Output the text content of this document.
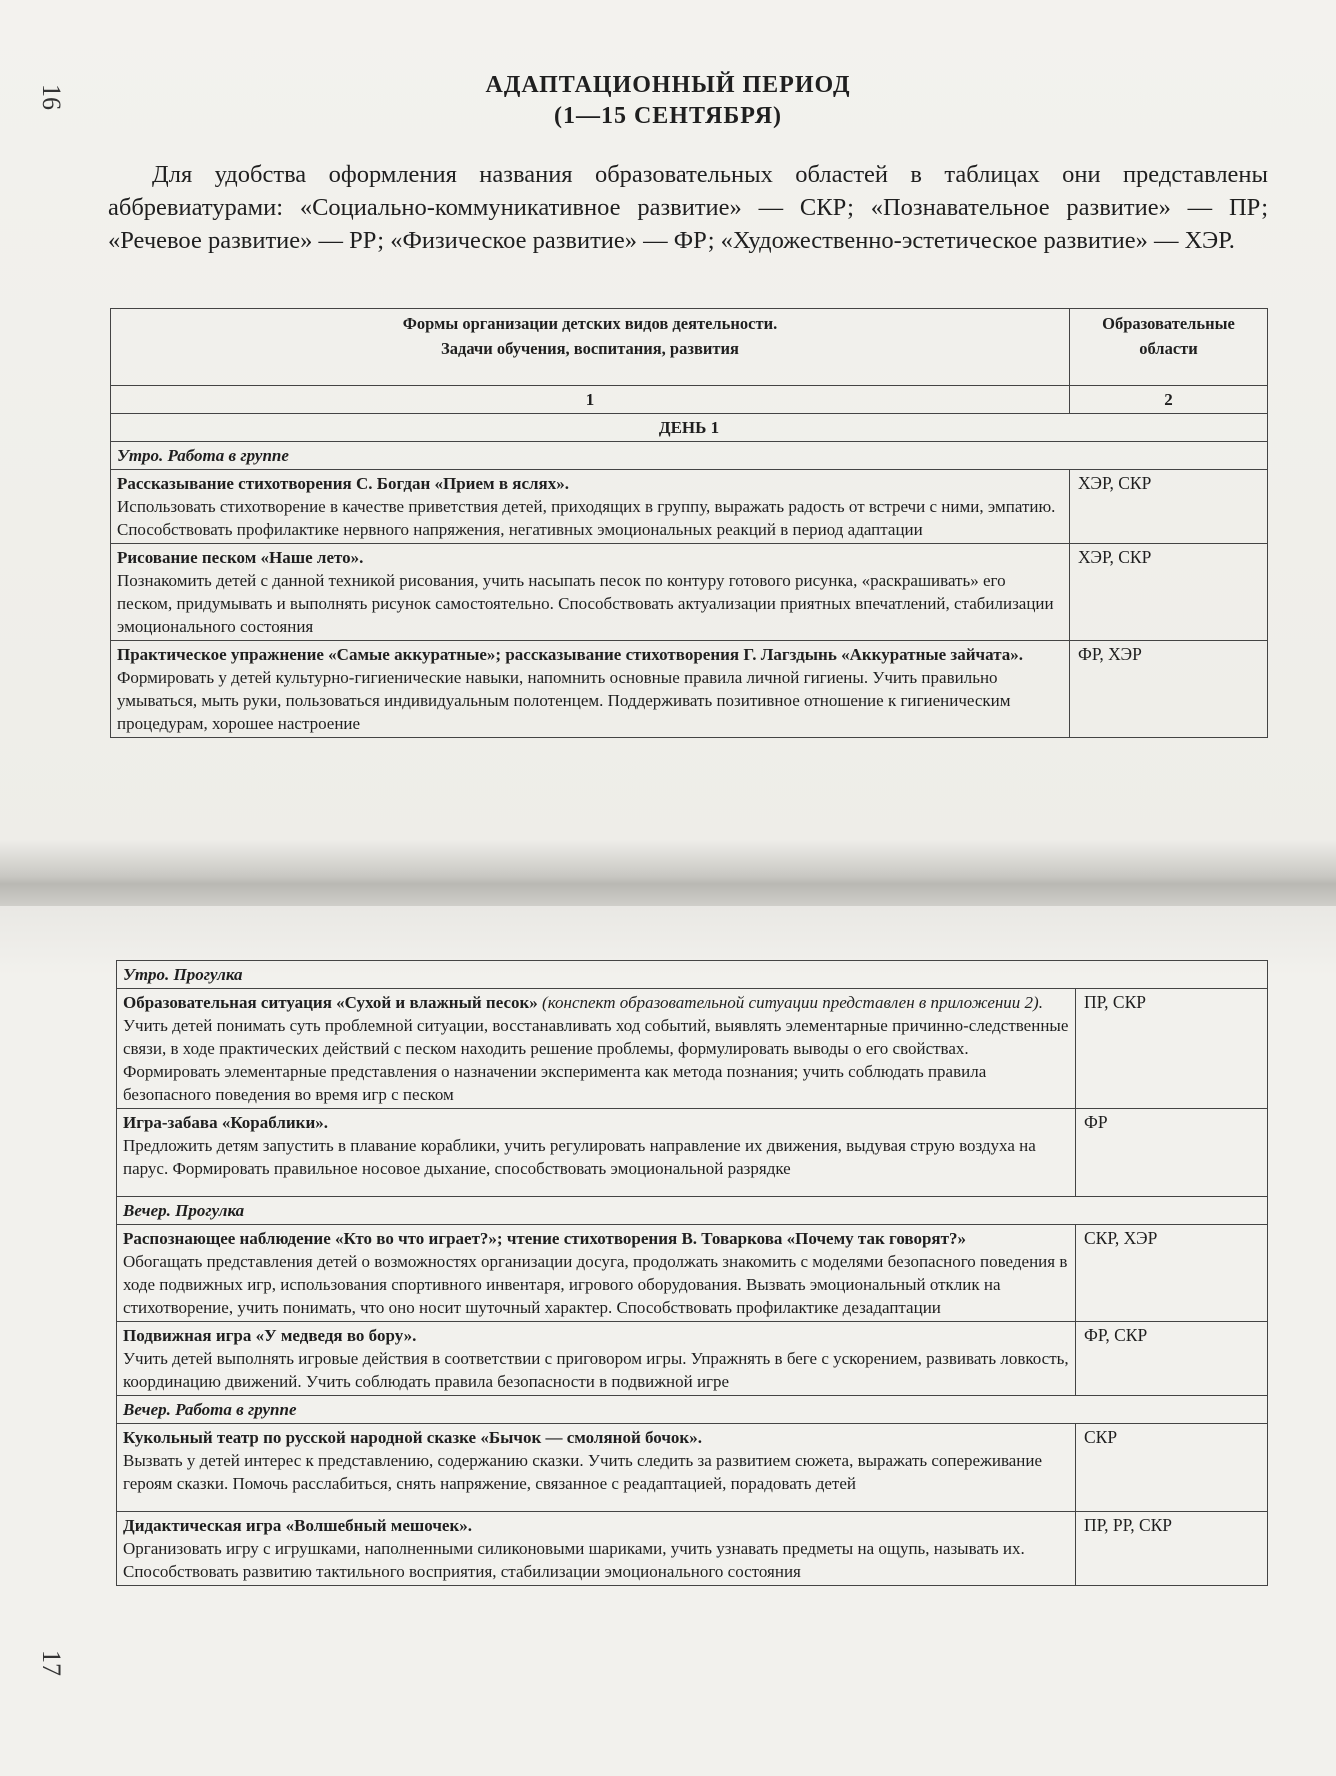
16	АДАПТАЦИОННЫЙ ПЕРИОД
(1—15 СЕНТЯБРЯ)

Для удобства оформления названия образовательных областей в таблицах они представлены аббревиатурами: «Социально-коммуникативное развитие» — СКР; «Познавательное развитие» — ПР; «Речевое развитие» — РР; «Физическое развитие» — ФР; «Художественно-эстетическое развитие» — ХЭР.

Формы организации детских видов деятельности.
Задачи обучения, воспитания, развития	Образовательные области
1	2
ДЕНЬ 1	
Утро. Работа в группе	
Рассказывание стихотворения С. Богдан «Прием в яслях».
Использовать стихотворение в качестве приветствия детей, приходящих в группу, выражать радость от встречи с ними, эмпатию. Способствовать профилактике нервного напряжения, негативных эмоциональных реакций в период адаптации	ХЭР, СКР
Рисование песком «Наше лето».
Познакомить детей с данной техникой рисования, учить насыпать песок по контуру готового рисунка, «раскрашивать» его песком, придумывать и выполнять рисунок самостоятельно. Способствовать актуализации приятных впечатлений, стабилизации эмоционального состояния	ХЭР, СКР
Практическое упражнение «Самые аккуратные»; рассказывание стихотворения Г. Лагздынь «Аккуратные зайчата».
Формировать у детей культурно-гигиенические навыки, напомнить основные правила личной гигиены. Учить правильно умываться, мыть руки, пользоваться индивидуальным полотенцем. Поддерживать позитивное отношение к гигиеническим процедурам, хорошее настроение	ФР, ХЭР
17
Утро. Прогулка	
Образовательная ситуация «Сухой и влажный песок» (конспект образовательной ситуации представлен в приложении 2).
Учить детей понимать суть проблемной ситуации, восстанавливать ход событий, выявлять элементарные причинно-следственные связи, в ходе практических действий с песком находить решение проблемы, формулировать выводы о его свойствах. Формировать элементарные представления о назначении эксперимента как метода познания; учить соблюдать правила безопасного поведения во время игр с песком	ПР, СКР
Игра-забава «Кораблики».
Предложить детям запустить в плавание кораблики, учить регулировать направление их движения, выдувая струю воздуха на парус. Формировать правильное носовое дыхание, способствовать эмоциональной разрядке	ФР
Вечер. Прогулка	
Распознающее наблюдение «Кто во что играет?»; чтение стихотворения В. Товаркова «Почему так говорят?»
Обогащать представления детей о возможностях организации досуга, продолжать знакомить с моделями безопасного поведения в ходе подвижных игр, использования спортивного инвентаря, игрового оборудования. Вызвать эмоциональный отклик на стихотворение, учить понимать, что оно носит шуточный характер. Способствовать профилактике дезадаптации	СКР, ХЭР
Подвижная игра «У медведя во бору».
Учить детей выполнять игровые действия в соответствии с приговором игры. Упражнять в беге с ускорением, развивать ловкость, координацию движений. Учить соблюдать правила безопасности в подвижной игре	ФР, СКР
Вечер. Работа в группе	
Кукольный театр по русской народной сказке «Бычок — смоляной бочок».
Вызвать у детей интерес к представлению, содержанию сказки. Учить следить за развитием сюжета, выражать сопереживание героям сказки. Помочь расслабиться, снять напряжение, связанное с реадаптацией, порадовать детей	СКР
Дидактическая игра «Волшебный мешочек».
Организовать игру с игрушками, наполненными силиконовыми шариками, учить узнавать предметы на ощупь, называть их. Способствовать развитию тактильного восприятия, стабилизации эмоционального состояния	ПР, РР, СКР
